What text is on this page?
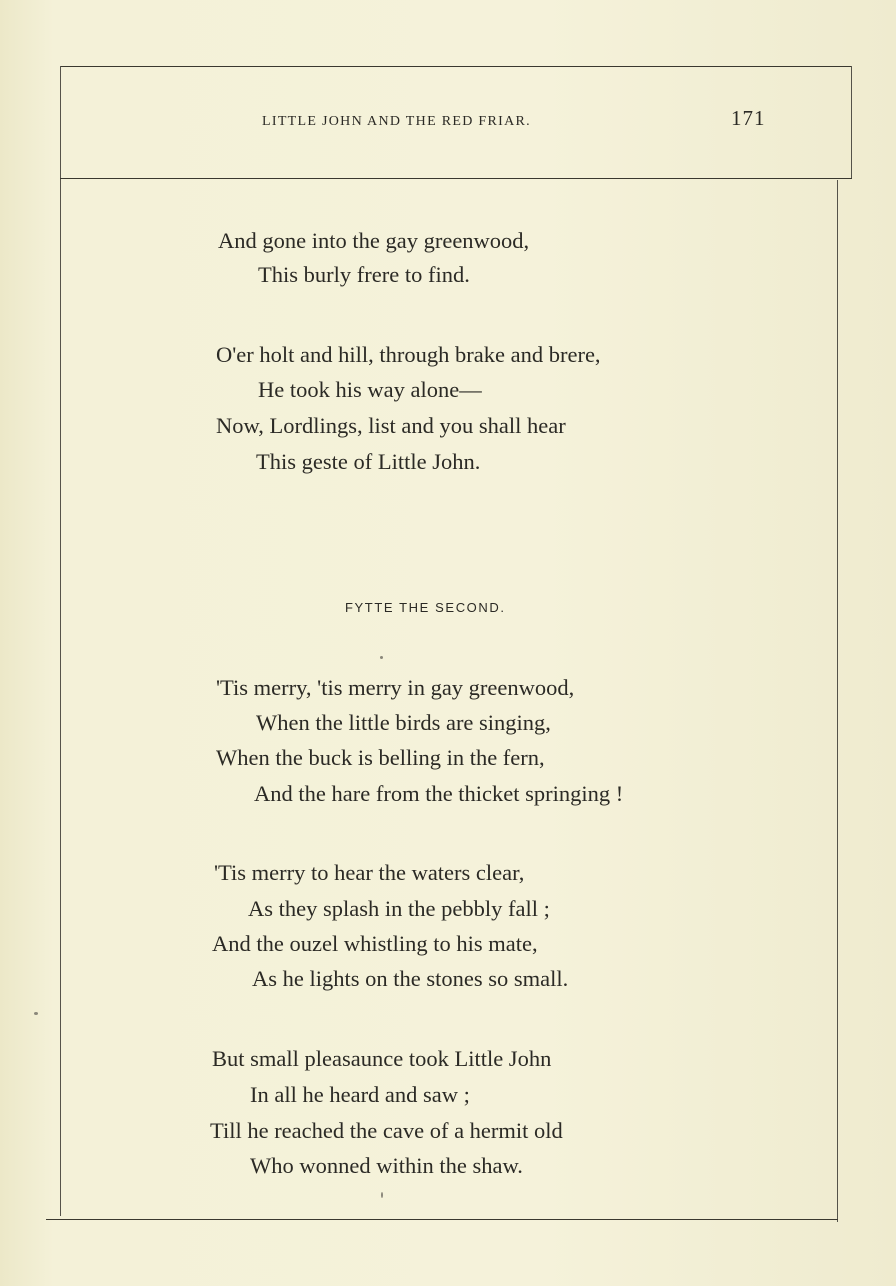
LITTLE JOHN AND THE RED FRIAR.	171
And gone into the gay greenwood,
This burly frere to find.
O'er holt and hill, through brake and brere,
He took his way alone—
Now, Lordlings, list and you shall hear
This geste of Little John.
FYTTE THE SECOND.
'Tis merry, 'tis merry in gay greenwood,
When the little birds are singing,
When the buck is belling in the fern,
And the hare from the thicket springing !
'Tis merry to hear the waters clear,
As they splash in the pebbly fall ;
And the ouzel whistling to his mate,
As he lights on the stones so small.
But small pleasaunce took Little John
In all he heard and saw ;
Till he reached the cave of a hermit old
Who wonned within the shaw.
